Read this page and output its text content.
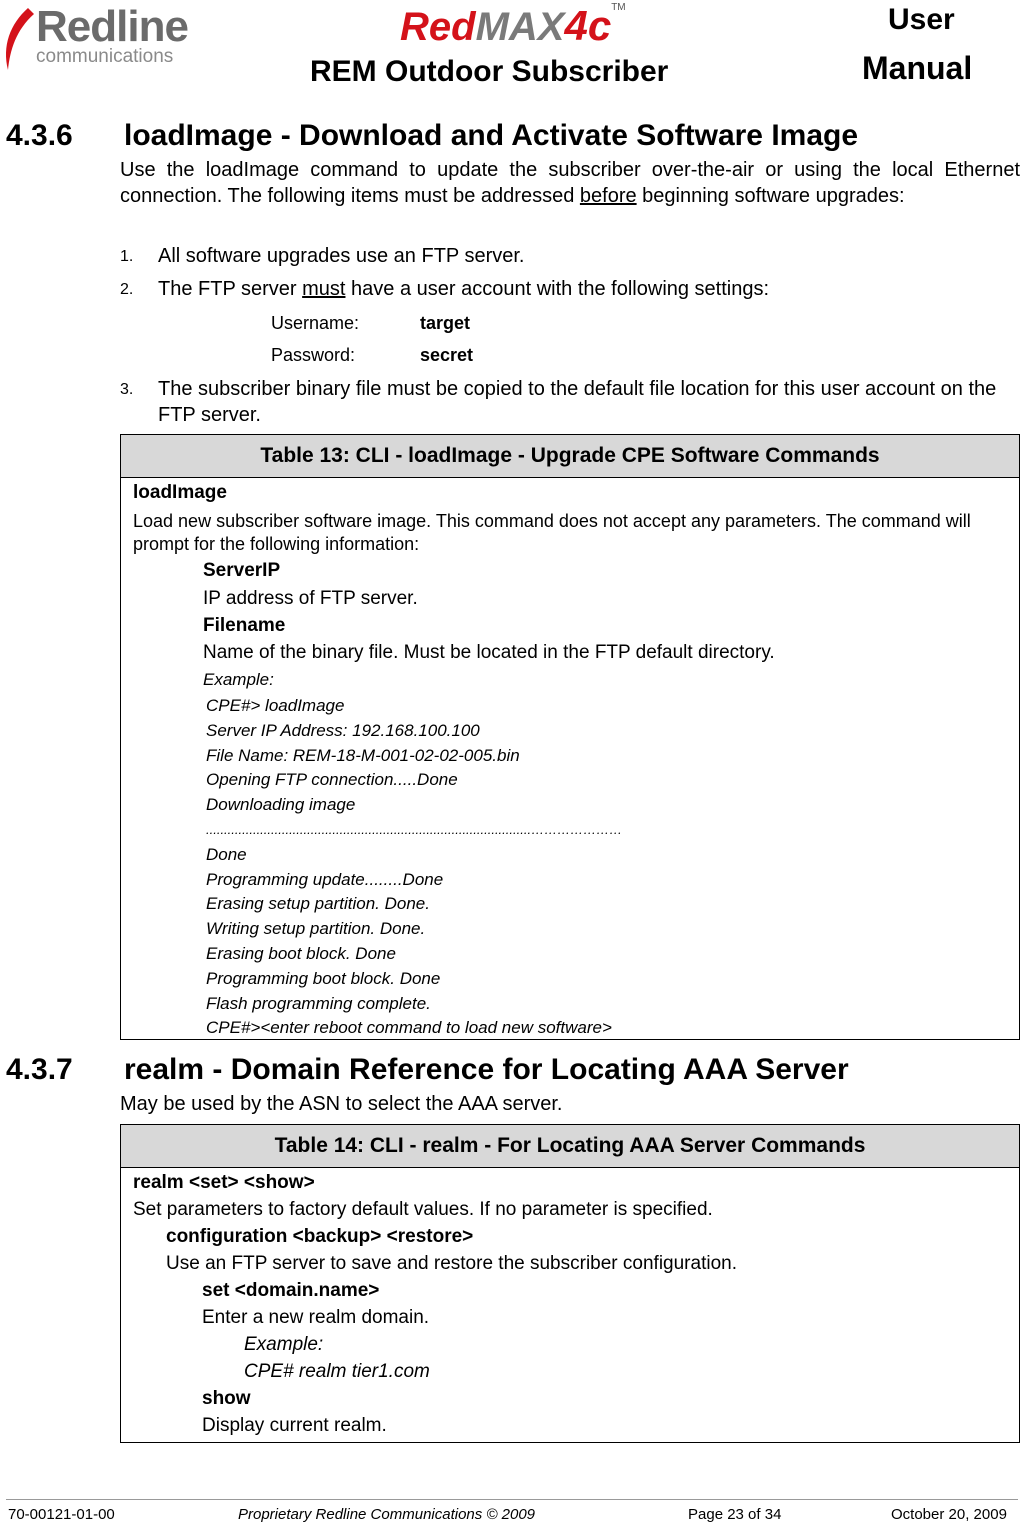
Redline
communications
RedMAX4c™
REM Outdoor Subscriber
User
Manual
4.3.6 loadImage - Download and Activate Software Image
Use the loadImage command to update the subscriber over-the-air or using the local Ethernet connection. The following items must be addressed before beginning software upgrades:
1. All software upgrades use an FTP server.
2. The FTP server must have a user account with the following settings:
Username:	target
Password:	secret
3. The subscriber binary file must be copied to the default file location for this user account on the FTP server.
Table 13: CLI - loadImage - Upgrade CPE Software Commands

loadImage
Load new subscriber software image. This command does not accept any parameters. The command will prompt for the following information:
ServerIP
IP address of FTP server.
Filename
Name of the binary file. Must be located in the FTP default directory.
Example:
CPE#> loadImage
Server IP Address: 192.168.100.100
File Name: REM-18-M-001-02-02-005.bin
Opening FTP connection.....Done
Downloading image
..........................................................................................…………………
Done
Programming update........Done
Erasing setup partition. Done.
Writing setup partition. Done.
Erasing boot block. Done
Programming boot block. Done
Flash programming complete.
CPE#><enter reboot command to load new software>
4.3.7 realm - Domain Reference for Locating AAA Server
May be used by the ASN to select the AAA server.
Table 14: CLI - realm - For Locating AAA Server Commands

realm <set> <show>
Set parameters to factory default values. If no parameter is specified.
configuration <backup> <restore>
Use an FTP server to save and restore the subscriber configuration.
set <domain.name>
Enter a new realm domain.
Example:
CPE# realm tier1.com
show
Display current realm.
70-00121-01-00	Proprietary Redline Communications © 2009	Page 23 of 34	October 20, 2009
